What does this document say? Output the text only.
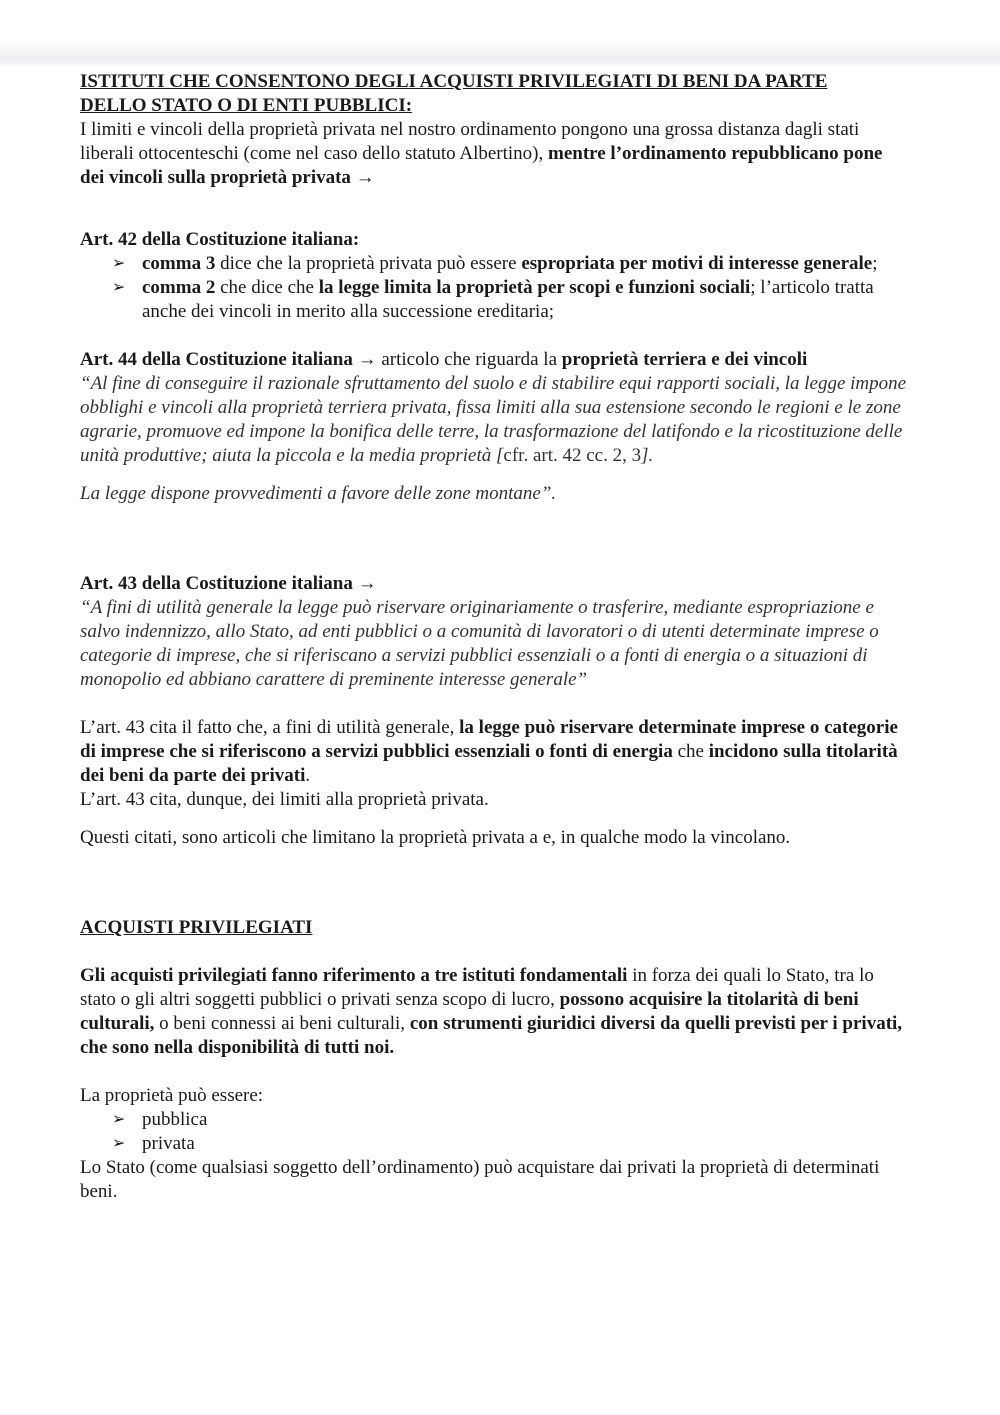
ISTITUTI CHE CONSENTONO DEGLI ACQUISTI PRIVILEGIATI DI BENI DA PARTE
DELLO STATO O DI ENTI PUBBLICI:

I limiti e vincoli della proprietà privata nel nostro ordinamento pongono una grossa distanza dagli stati liberali ottocenteschi (come nel caso dello statuto Albertino), mentre l’ordinamento repubblicano pone dei vincoli sulla proprietà privata →

Art. 42 della Costituzione italiana:

➢ comma 3 dice che la proprietà privata può essere espropriata per motivi di interesse generale;
➢ comma 2 che dice che la legge limita la proprietà per scopi e funzioni sociali; l’articolo tratta anche dei vincoli in merito alla successione ereditaria;

Art. 44 della Costituzione italiana → articolo che riguarda la proprietà terriera e dei vincoli

“Al fine di conseguire il razionale sfruttamento del suolo e di stabilire equi rapporti sociali, la legge impone obblighi e vincoli alla proprietà terriera privata, fissa limiti alla sua estensione secondo le regioni e le zone agrarie, promuove ed impone la bonifica delle terre, la trasformazione del latifondo e la ricostituzione delle unità produttive; aiuta la piccola e la media proprietà [cfr. art. 42 cc. 2, 3].

La legge dispone provvedimenti a favore delle zone montane”.

Art. 43 della Costituzione italiana →

“A fini di utilità generale la legge può riservare originariamente o trasferire, mediante espropriazione e salvo indennizzo, allo Stato, ad enti pubblici o a comunità di lavoratori o di utenti determinate imprese o categorie di imprese, che si riferiscano a servizi pubblici essenziali o a fonti di energia o a situazioni di monopolio ed abbiano carattere di preminente interesse generale”

L’art. 43 cita il fatto che, a fini di utilità generale, la legge può riservare determinate imprese o categorie di imprese che si riferiscono a servizi pubblici essenziali o fonti di energia che incidono sulla titolarità dei beni da parte dei privati.

L’art. 43 cita, dunque, dei limiti alla proprietà privata.

Questi citati, sono articoli che limitano la proprietà privata a e, in qualche modo la vincolano.

ACQUISTI PRIVILEGIATI

Gli acquisti privilegiati fanno riferimento a tre istituti fondamentali in forza dei quali lo Stato, tra lo stato o gli altri soggetti pubblici o privati senza scopo di lucro, possono acquisire la titolarità di beni culturali, o beni connessi ai beni culturali, con strumenti giuridici diversi da quelli previsti per i privati, che sono nella disponibilità di tutti noi.

La proprietà può essere:

➢ pubblica
➢ privata

Lo Stato (come qualsiasi soggetto dell’ordinamento) può acquistare dai privati la proprietà di determinati beni.
